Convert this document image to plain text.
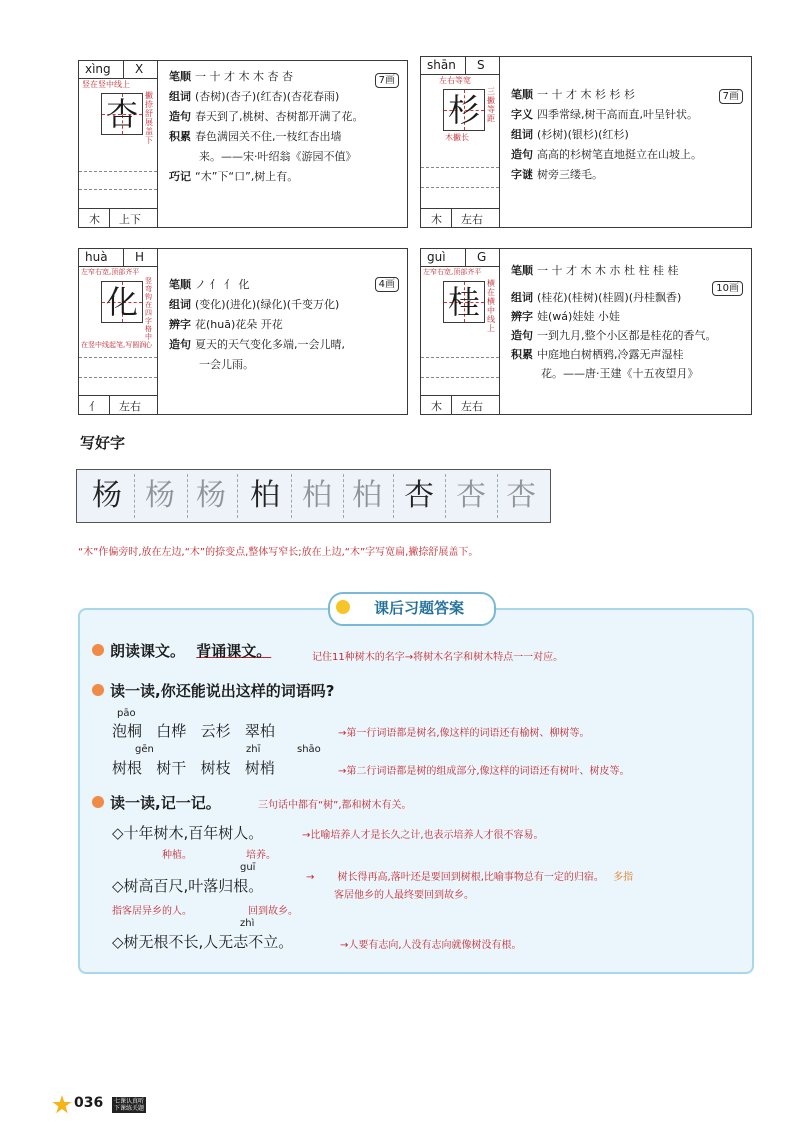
xìng X
竖在竖中线上
杏 撇捺舒展盖下
木 上下
7画
笔顺 一 十 才 木 木 杏 杏
组词 (杏树)(杏子)(红杏)(杏花春雨)
造句 春天到了,桃树、杏树都开满了花。
积累 春色满园关不住,一枝红杏出墙
来。——宋·叶绍翁《游园不值》
巧记 “木”下“口”,树上有。
shān S
左右等宽
杉 三撇等距
木撇长
木 左右
7画
笔顺 一 十 才 木 杉 杉 杉
字义 四季常绿,树干高而直,叶呈针状。
组词 (杉树)(银杉)(红杉)
造句 高高的杉树笔直地挺立在山坡上。
字谜 树旁三缕毛。
huà H
左窄右宽,顶部齐平
化
竖弯钩在四字格中心
在竖中线起笔,写圆润
亻 左右
4画
笔顺 ノ 亻 亻 化
组词 (变化)(进化)(绿化)(千变万化)
辨字 花(huā)花朵 开花
造句 夏天的天气变化多端,一会儿晴,
一会儿雨。
guì	G
左窄右宽,顶部齐平
桂 横在横中线上
木 左右
10画
笔顺 一 十 才 木 木 朩 杜 柱 桂 桂
组词 (桂花)(桂树)(桂圆)(丹桂飘香)
辨字 娃(wá)娃娃 小娃
造句 一到九月,整个小区都是桂花的香气。
积累 中庭地白树栖鸦,冷露无声湿桂
花。——唐·王建《十五夜望月》
写好字
杨 杨 杨 柏 柏 柏 杏 杏 杏
“木”作偏旁时,放在左边,“木”的捺变点,整体写窄长;放在上边,“木”字写宽扁,撇捺舒展盖下。
课后习题答案
朗读课文。 背诵课文。	记住11种树木的名字→将树木名字和树木特点一一对应。
读一读,你还能说出这样的词语吗?
pāo
泡桐   白桦   云杉   翠柏	→第一行词语都是树名,像这样的词语还有榆树、柳树等。
gēn	zhī	shāo
树根   树干   树枝   树梢	→第二行词语都是树的组成部分,像这样的词语还有树叶、树皮等。
读一读,记一记。	三句话中都有“树”,都和树木有关。
◇十年树木,百年树人。	→比喻培养人才是长久之计,也表示培养人才很不容易。
种植。	培养。
guī
◇树高百尺,叶落归根。	→ 树长得再高,落叶还是要回到树根,比喻事物总有一定的归宿。 多指
客居他乡的人最终要回到故乡。
指客居异乡的人。	回到故乡。
zhì
◇树无根不长,人无志不立。	→人要有志向,人没有志向就像树没有根。
036	七课认真听
下课练关题
